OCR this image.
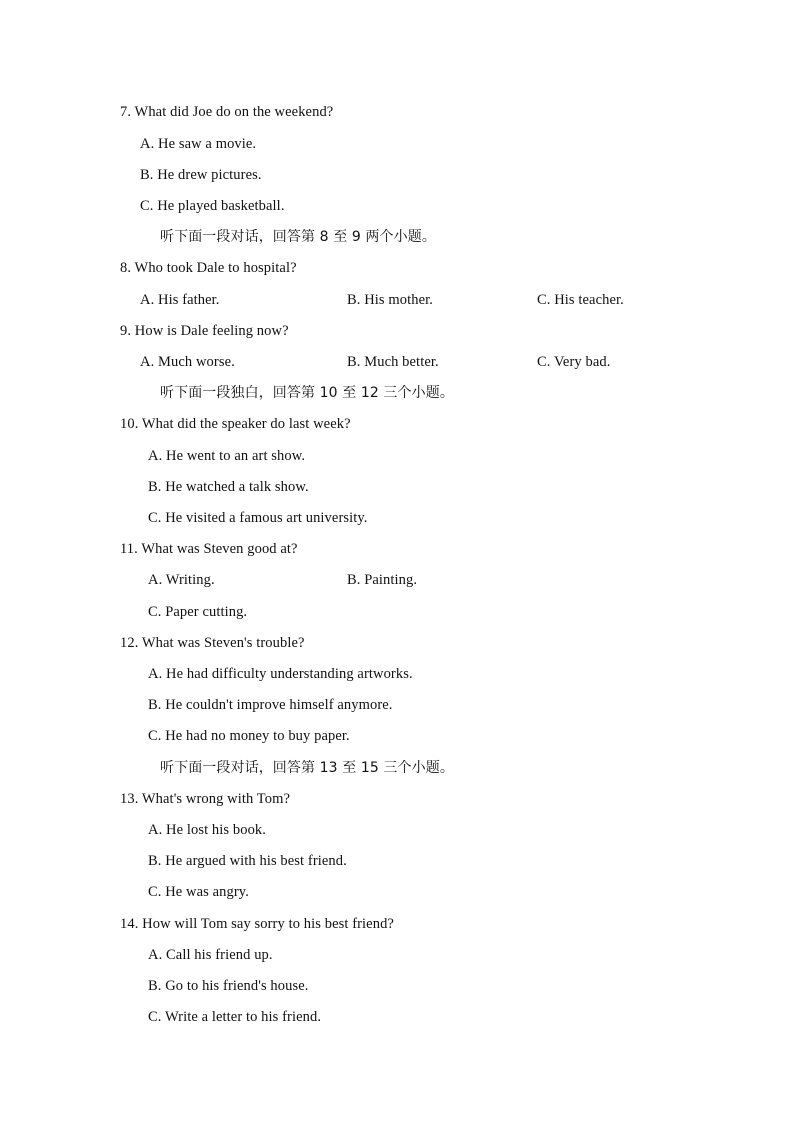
7. What did Joe do on the weekend?
A. He saw a movie.
B. He drew pictures.
C. He played basketball.
听下面一段对话，回答第 8 至 9 两个小题。
8. Who took Dale to hospital?
A. His father.	B. His mother.	C. His teacher.
9. How is Dale feeling now?
A. Much worse.	B. Much better.	C. Very bad.
听下面一段独白，回答第 10 至 12 三个小题。
10. What did the speaker do last week?
A. He went to an art show.
B. He watched a talk show.
C. He visited a famous art university.
11. What was Steven good at?
A. Writing.	B. Painting.
C. Paper cutting.
12. What was Steven's trouble?
A. He had difficulty understanding artworks.
B. He couldn't improve himself anymore.
C. He had no money to buy paper.
听下面一段对话，回答第 13 至 15 三个小题。
13. What's wrong with Tom?
A. He lost his book.
B. He argued with his best friend.
C. He was angry.
14. How will Tom say sorry to his best friend?
A. Call his friend up.
B. Go to his friend's house.
C. Write a letter to his friend.
